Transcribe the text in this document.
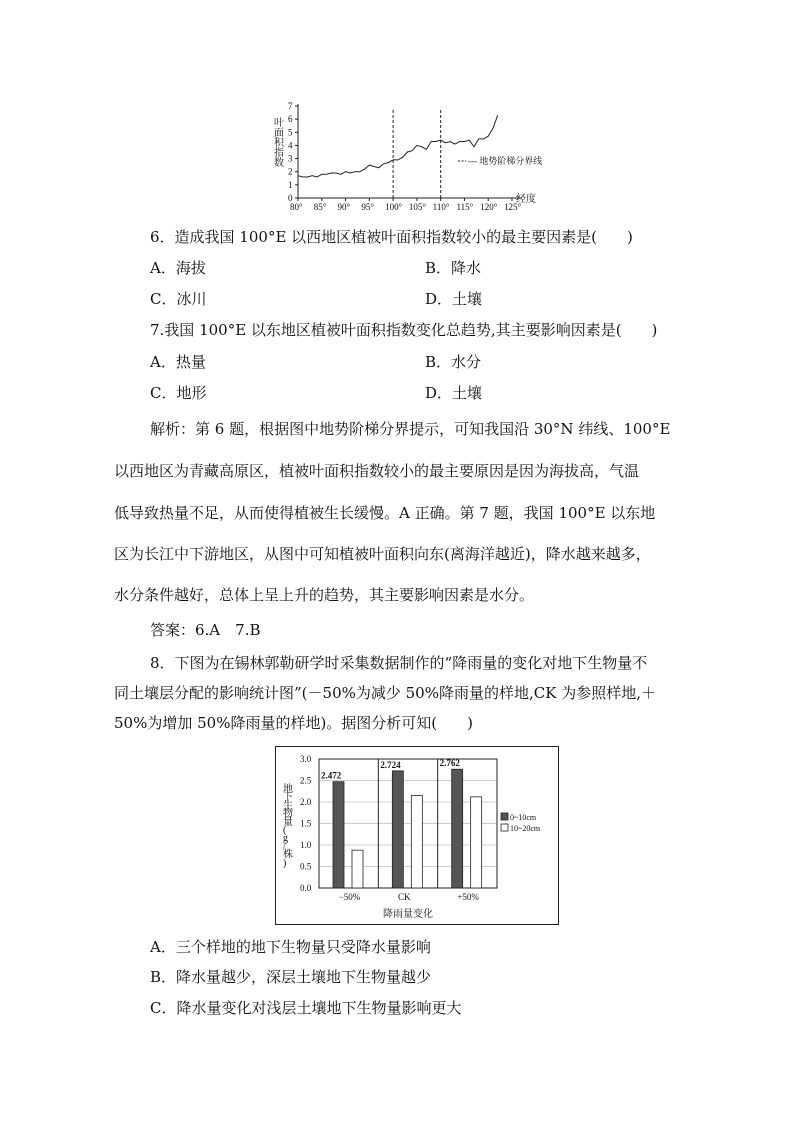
叶面积指数
经度
--- 地势阶梯分界线
0
1
2
3
4
5
6
7
80° 85° 90° 95° 100° 105° 110° 115° 120° 125°
6．造成我国 100°E 以西地区植被叶面积指数较小的最主要因素是(　　)
A．海拔	B．降水
C．冰川	D．土壤
7.我国 100°E 以东地区植被叶面积指数变化总趋势,其主要影响因素是(　　)
A．热量	B．水分
C．地形	D．土壤
解析：第 6 题，根据图中地势阶梯分界提示，可知我国沿 30°N 纬线、100°E
以西地区为青藏高原区，植被叶面积指数较小的最主要原因是因为海拔高，气温
低导致热量不足，从而使得植被生长缓慢。A 正确。第 7 题，我国 100°E 以东地
区为长江中下游地区，从图中可知植被叶面积向东(离海洋越近)，降水越来越多，
水分条件越好，总体上呈上升的趋势，其主要影响因素是水分。
答案：6.A　7.B
8．下图为在锡林郭勒研学时采集数据制作的“降雨量的变化对地下生物量不
同土壤层分配的影响统计图”(－50%为减少 50%降雨量的样地,CK 为参照样地,＋
50%为增加 50%降雨量的样地)。据图分析可知(　　)
0.0
0.5
1.0
1.5
2.0
2.5
3.0
2.472
−50%
2.724
CK
2.762
+50%
0~10cm
10~20cm
地下生物量( g /株)
降雨量变化
A．三个样地的地下生物量只受降水量影响
B．降水量越少，深层土壤地下生物量越少
C．降水量变化对浅层土壤地下生物量影响更大
